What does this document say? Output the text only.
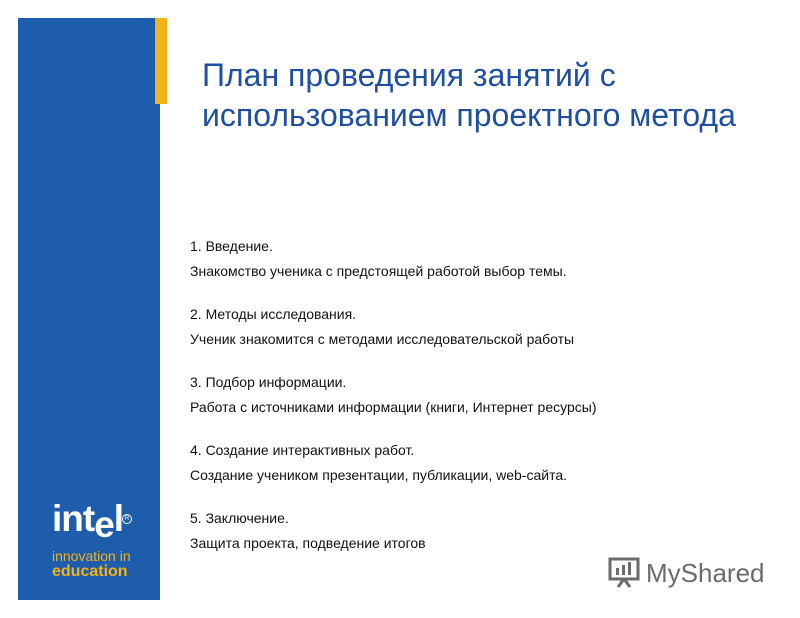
intel R
innovation in
education
План проведения занятий с использованием проектного метода
1. Введение.
Знакомство ученика с предстоящей работой выбор темы.
2. Методы исследования.
Ученик знакомится с методами исследовательской работы
3. Подбор информации.
Работа с источниками информации (книги, Интернет ресурсы)
4. Создание интерактивных работ.
Создание учеником презентации, публикации, web-сайта.
5. Заключение.
Защита проекта, подведение итогов
MyShared
